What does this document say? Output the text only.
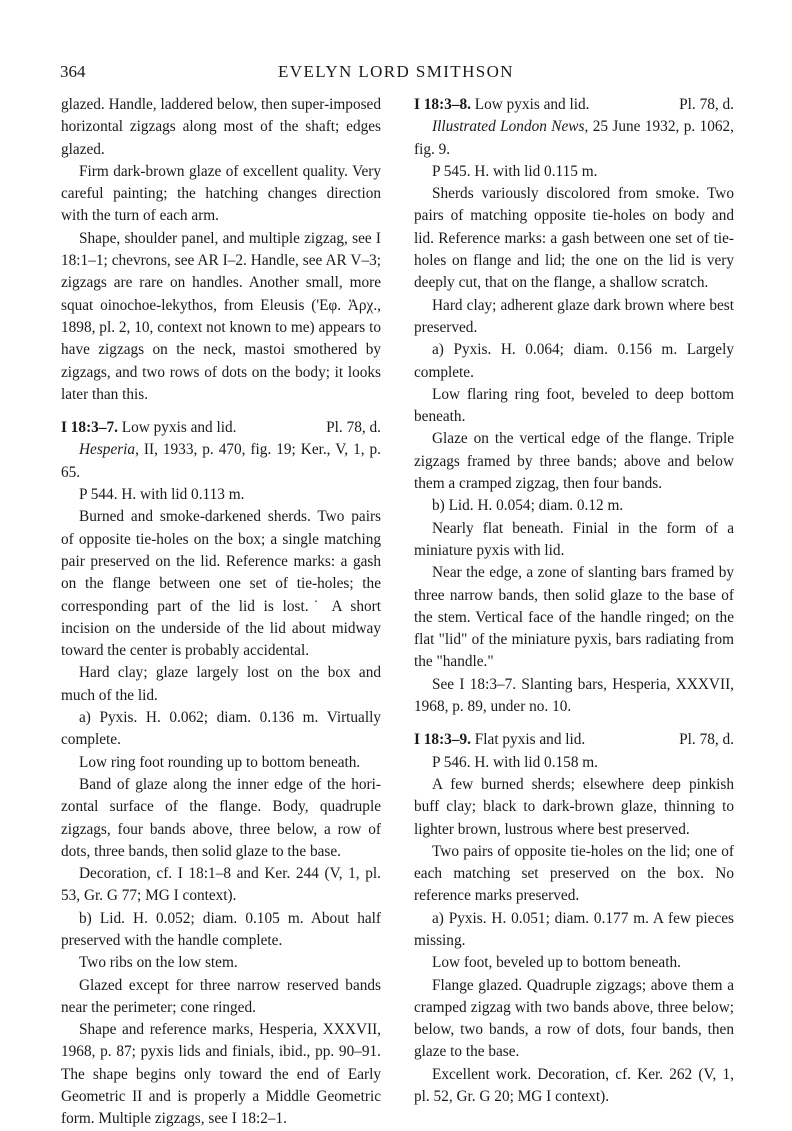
364	EVELYN LORD SMITHSON

glazed. Handle, laddered below, then super-imposed horizontal zigzags along most of the shaft; edges glazed.

Firm dark-brown glaze of excellent quality. Very careful painting; the hatching changes direction with the turn of each arm.

Shape, shoulder panel, and multiple zigzag, see I 18:1–1; chevrons, see AR I–2. Handle, see AR V–3; zigzags are rare on handles. Another small, more squat oinochoe-lekythos, from Eleusis ('Εφ. Ἀρχ., 1898, pl. 2, 10, context not known to me) appears to have zigzags on the neck, mastoi smothered by zigzags, and two rows of dots on the body; it looks later than this.

I 18:3–7. Low pyxis and lid.	Pl. 78, d.

Hesperia, II, 1933, p. 470, fig. 19; Ker., V, 1, p. 65.

P 544. H. with lid 0.113 m.

Burned and smoke-darkened sherds. Two pairs of opposite tie-holes on the box; a single matching pair preserved on the lid. Reference marks: a gash on the flange between one set of tie-holes; the corresponding part of the lid is lost.˙ A short incision on the underside of the lid about midway toward the center is probably accidental.

Hard clay; glaze largely lost on the box and much of the lid.

a) Pyxis. H. 0.062; diam. 0.136 m. Virtually complete.

Low ring foot rounding up to bottom beneath.

Band of glaze along the inner edge of the hori-zontal surface of the flange. Body, quadruple zigzags, four bands above, three below, a row of dots, three bands, then solid glaze to the base.

Decoration, cf. I 18:1–8 and Ker. 244 (V, 1, pl. 53, Gr. G 77; MG I context).

b) Lid. H. 0.052; diam. 0.105 m. About half preserved with the handle complete.

Two ribs on the low stem.

Glazed except for three narrow reserved bands near the perimeter; cone ringed.

Shape and reference marks, Hesperia, XXXVII, 1968, p. 87; pyxis lids and finials, ibid., pp. 90–91. The shape begins only toward the end of Early Geometric II and is properly a Middle Geometric form. Multiple zigzags, see I 18:2–1.

I 18:3–8. Low pyxis and lid.	Pl. 78, d.

Illustrated London News, 25 June 1932, p. 1062, fig. 9.

P 545. H. with lid 0.115 m.

Sherds variously discolored from smoke. Two pairs of matching opposite tie-holes on body and lid. Reference marks: a gash between one set of tie-holes on flange and lid; the one on the lid is very deeply cut, that on the flange, a shallow scratch.

Hard clay; adherent glaze dark brown where best preserved.

a) Pyxis. H. 0.064; diam. 0.156 m. Largely complete.

Low flaring ring foot, beveled to deep bottom beneath.

Glaze on the vertical edge of the flange. Triple zigzags framed by three bands; above and below them a cramped zigzag, then four bands.

b) Lid. H. 0.054; diam. 0.12 m.

Nearly flat beneath. Finial in the form of a miniature pyxis with lid.

Near the edge, a zone of slanting bars framed by three narrow bands, then solid glaze to the base of the stem. Vertical face of the handle ringed; on the flat "lid" of the miniature pyxis, bars radiating from the "handle."

See I 18:3–7. Slanting bars, Hesperia, XXXVII, 1968, p. 89, under no. 10.

I 18:3–9. Flat pyxis and lid.	Pl. 78, d.

P 546. H. with lid 0.158 m.

A few burned sherds; elsewhere deep pinkish buff clay; black to dark-brown glaze, thinning to lighter brown, lustrous where best preserved.

Two pairs of opposite tie-holes on the lid; one of each matching set preserved on the box. No reference marks preserved.

a) Pyxis. H. 0.051; diam. 0.177 m. A few pieces missing.

Low foot, beveled up to bottom beneath.

Flange glazed. Quadruple zigzags; above them a cramped zigzag with two bands above, three below; below, two bands, a row of dots, four bands, then glaze to the base.

Excellent work. Decoration, cf. Ker. 262 (V, 1, pl. 52, Gr. G 20; MG I context).
